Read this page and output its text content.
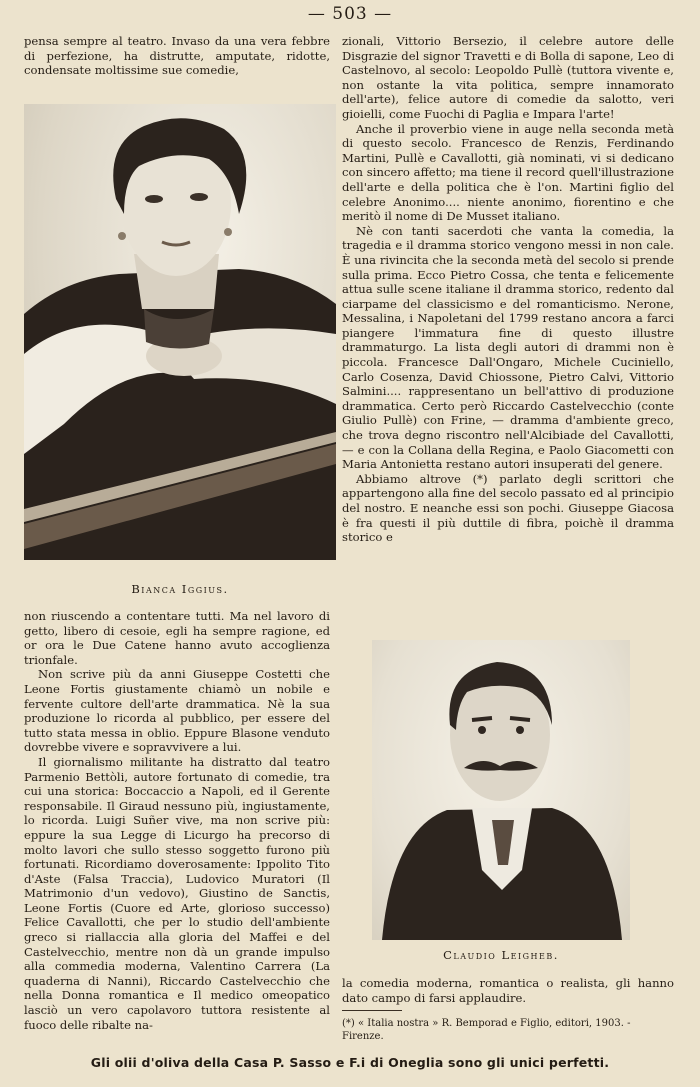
— 503 —

pensa sempre al teatro. Invaso da una vera febbre di perfezione, ha distrutte, amputate, ridotte, condensate moltissime sue comedie,

Bianca Iggius.

non riuscendo a contentare tutti. Ma nel lavoro di getto, libero di cesoie, egli ha sempre ragione, ed or ora le Due Catene hanno avuto accoglienza trionfale.

Non scrive più da anni Giuseppe Costetti che Leone Fortis giustamente chiamò un nobile e fervente cultore dell'arte drammatica. Nè la sua produzione lo ricorda al pubblico, per essere del tutto stata messa in oblio. Eppure Blasone venduto dovrebbe vivere e sopravvivere a lui.

Il giornalismo militante ha distratto dal teatro Parmenio Bettòli, autore fortunato di comedie, tra cui una storica: Boccaccio a Napoli, ed il Gerente responsabile. Il Giraud nessuno più, ingiustamente, lo ricorda. Luigi Suñer vive, ma non scrive più: eppure la sua Legge di Licurgo ha precorso di molto lavori che sullo stesso soggetto furono più fortunati. Ricordiamo doverosamente: Ippolito Tito d'Aste (Falsa Traccia), Ludovico Muratori (Il Matrimonio d'un vedovo), Giustino de Sanctis, Leone Fortis (Cuore ed Arte, glorioso successo) Felice Cavallotti, che per lo studio dell'ambiente greco si riallaccia alla gloria del Maffei e del Castelvecchio, mentre non dà un grande impulso alla commedia moderna, Valentino Carrera (La quaderna di Nanni), Riccardo Castelvecchio che nella Donna romantica e Il medico omeopatico lasciò un vero capolavoro tuttora resistente al fuoco delle ribalte na-

zionali, Vittorio Bersezio, il celebre autore delle Disgrazie del signor Travetti e di Bolla di sapone, Leo di Castelnovo, al secolo: Leopoldo Pullè (tuttora vivente e, non ostante la vita politica, sempre innamorato dell'arte), felice autore di comedie da salotto, veri gioielli, come Fuochi di Paglia e Impara l'arte!

Anche il proverbio viene in auge nella seconda metà di questo secolo. Francesco de Renzis, Ferdinando Martini, Pullè e Cavallotti, già nominati, vi si dedicano con sincero affetto; ma tiene il record quell'illustrazione dell'arte e della politica che è l'on. Martini figlio del celebre Anonimo.... niente anonimo, fiorentino e che meritò il nome di De Musset italiano.

Nè con tanti sacerdoti che vanta la comedia, la tragedia e il dramma storico vengono messi in non cale. È una rivincita che la seconda metà del secolo si prende sulla prima. Ecco Pietro Cossa, che tenta e felicemente attua sulle scene italiane il dramma storico, redento dal ciarpame del classicismo e del romanticismo. Nerone, Messalina, i Napoletani del 1799 restano ancora a farci piangere l'immatura fine di questo illustre drammaturgo. La lista degli autori di drammi non è piccola. Francesce Dall'Ongaro, Michele Cuciniello, Carlo Cosenza, David Chiossone, Pietro Calvi, Vittorio Salmini.... rappresentano un bell'attivo di produzione drammatica. Certo però Riccardo Castelvecchio (conte Giulio Pullè) con Frine, — dramma d'ambiente greco, che trova degno riscontro nell'Alcibiade del Cavallotti, — e con la Collana della Regina, e Paolo Giacometti con Maria Antonietta restano autori insuperati del genere.

Abbiamo altrove (*) parlato degli scrittori che appartengono alla fine del secolo passato ed al principio del nostro. E neanche essi son pochi. Giuseppe Giacosa è fra questi il più duttile di fibra, poichè il dramma storico e

Claudio Leigheb.

la comedia moderna, romantica o realista, gli hanno dato campo di farsi applaudire.

(*) « Italia nostra » R. Bemporad e Figlio, editori, 1903. - Firenze.
Gli olii d'oliva della Casa P. Sasso e F.i di Oneglia sono gli unici perfetti.
